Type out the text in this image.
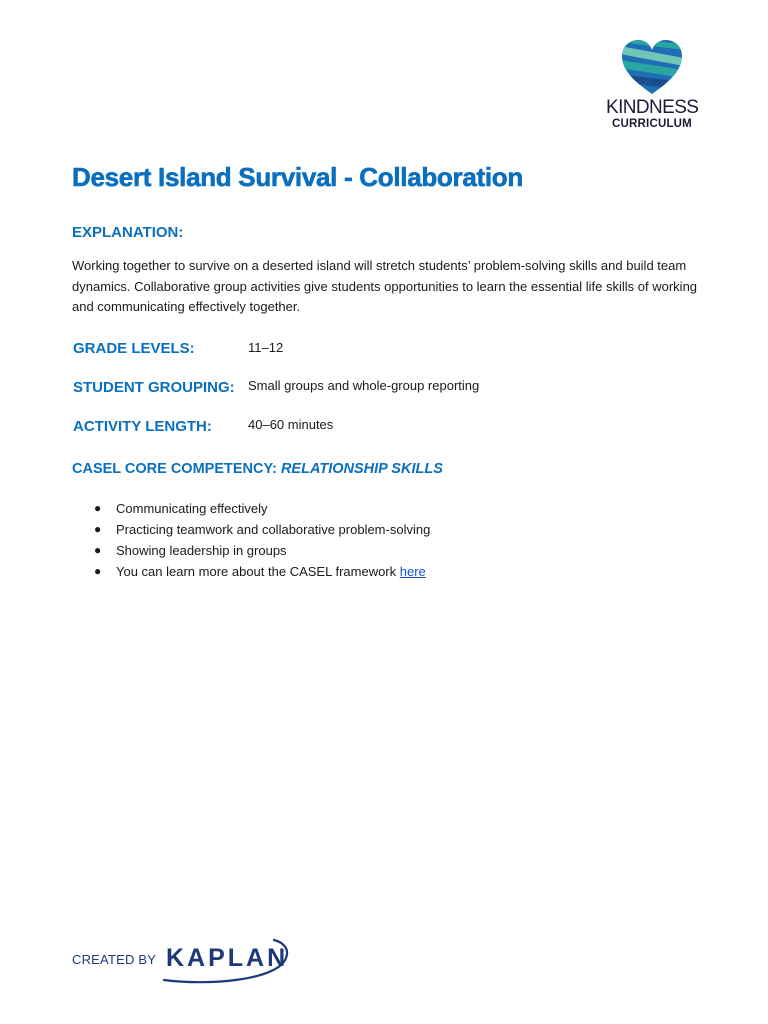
KINDNESS
CURRICULUM
Desert Island Survival - Collaboration
EXPLANATION:

Working together to survive on a deserted island will stretch students’ problem-solving skills and build team dynamics. Collaborative group activities give students opportunities to learn the essential life skills of working and communicating effectively together.

GRADE LEVELS:	11–12
STUDENT GROUPING: Small groups and whole-group reporting
ACTIVITY LENGTH:	40–60 minutes
CASEL CORE COMPETENCY: RELATIONSHIP SKILLS
● Communicating effectively
● Practicing teamwork and collaborative problem-solving
● Showing leadership in groups
● You can learn more about the CASEL framework here
CREATED BY KAPLAN
